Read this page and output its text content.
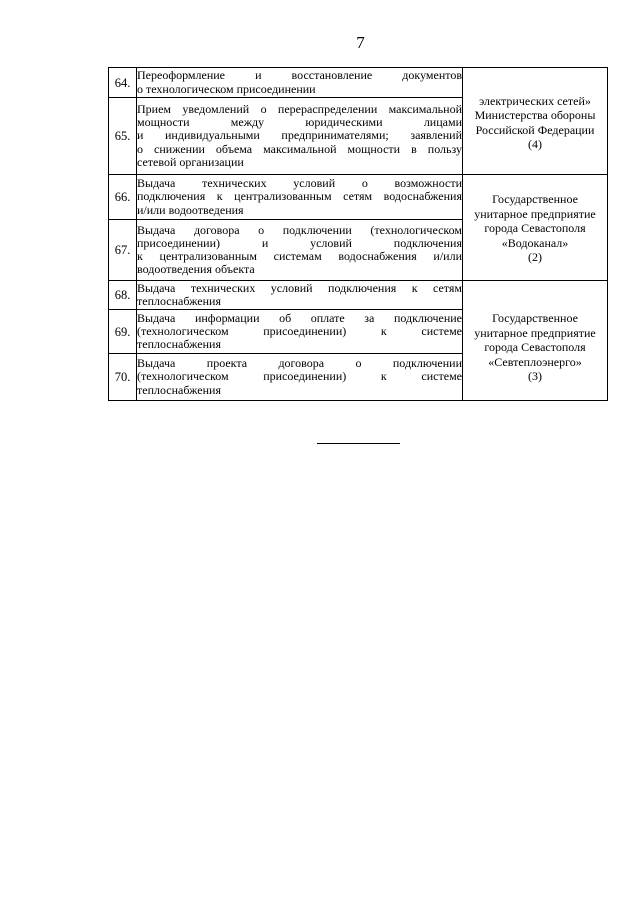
7
64.	Переоформление и восстановление документов
о технологическом присоединении	электрических сетей»
Министерства обороны
Российской Федерации
(4)

65.	Прием уведомлений о перераспределении максимальной
мощности между юридическими лицами
и индивидуальными предпринимателями; заявлений
о снижении объема максимальной мощности в пользу
сетевой организации	

66.	Выдача технических условий о возможности
подключения к централизованным сетям водоснабжения
и/или водоотведения	Государственное
унитарное предприятие
города Севастополя
«Водоканал»
(2)

67.	Выдача договора о подключении (технологическом
присоединении) и условий подключения
к централизованным системам водоснабжения и/или
водоотведения объекта	

68.	Выдача технических условий подключения к сетям
теплоснабжения	Государственное
унитарное предприятие
города Севастополя
«Севтеплоэнерго»
(3)

69.	Выдача информации об оплате за подключение
(технологическом присоединении) к системе
теплоснабжения	

70.	Выдача проекта договора о подключении
(технологическом присоединении) к системе
теплоснабжения	
